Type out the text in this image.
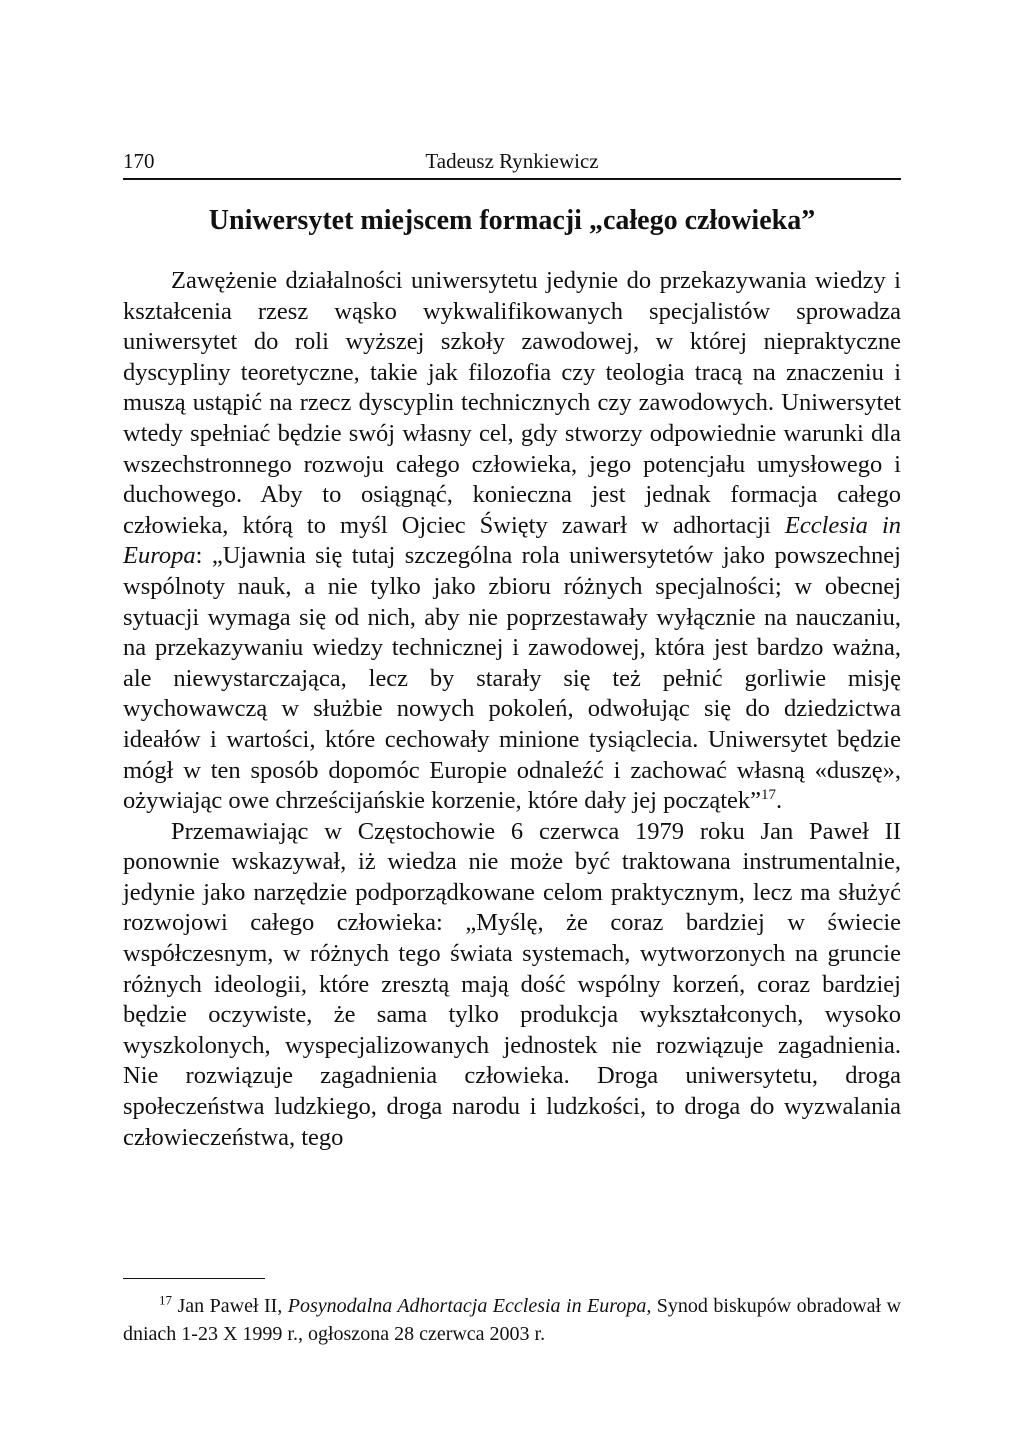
170	Tadeusz Rynkiewicz
Uniwersytet miejscem formacji „całego człowieka”

Zawężenie działalności uniwersytetu jedynie do przekazywania wiedzy i kształcenia rzesz wąsko wykwalifikowanych specjalistów sprowadza uniwersytet do roli wyższej szkoły zawodowej, w której niepraktyczne dyscypliny teoretyczne, takie jak filozofia czy teologia tracą na znaczeniu i muszą ustąpić na rzecz dyscyplin technicznych czy zawodowych. Uniwersytet wtedy spełniać będzie swój własny cel, gdy stworzy odpowiednie warunki dla wszechstronnego rozwoju całego człowieka, jego potencjału umysłowego i duchowego. Aby to osiągnąć, konieczna jest jednak formacja całego człowieka, którą to myśl Ojciec Święty zawarł w adhortacji Ecclesia in Europa: „Ujawnia się tutaj szczególna rola uniwersytetów jako powszechnej wspólnoty nauk, a nie tylko jako zbioru różnych specjalności; w obecnej sytuacji wymaga się od nich, aby nie poprzestawały wyłącznie na nauczaniu, na przekazywaniu wiedzy technicznej i zawodowej, która jest bardzo ważna, ale niewystarczająca, lecz by starały się też pełnić gorliwie misję wychowawczą w służbie nowych pokoleń, odwołując się do dziedzictwa ideałów i wartości, które cechowały minione tysiąclecia. Uniwersytet będzie mógł w ten sposób dopomóc Europie odnaleźć i zachować własną «duszę», ożywiając owe chrześcijańskie korzenie, które dały jej początek”$^{17}$.

Przemawiając w Częstochowie 6 czerwca 1979 roku Jan Paweł II ponownie wskazywał, iż wiedza nie może być traktowana instrumentalnie, jedynie jako narzędzie podporządkowane celom praktycznym, lecz ma służyć rozwojowi całego człowieka: „Myślę, że coraz bardziej w świecie współczesnym, w różnych tego świata systemach, wytworzonych na gruncie różnych ideologii, które zresztą mają dość wspólny korzeń, coraz bardziej będzie oczywiste, że sama tylko produkcja wykształconych, wysoko wyszkolonych, wyspecjalizowanych jednostek nie rozwiązuje zagadnienia. Nie rozwiązuje zagadnienia człowieka. Droga uniwersytetu, droga społeczeństwa ludzkiego, droga narodu i ludzkości, to droga do wyzwalania człowieczeństwa, tego

$^{17}$ Jan Paweł II, Posynodalna Adhortacja Ecclesia in Europa, Synod biskupów obradował w dniach 1-23 X 1999 r., ogłoszona 28 czerwca 2003 r.
